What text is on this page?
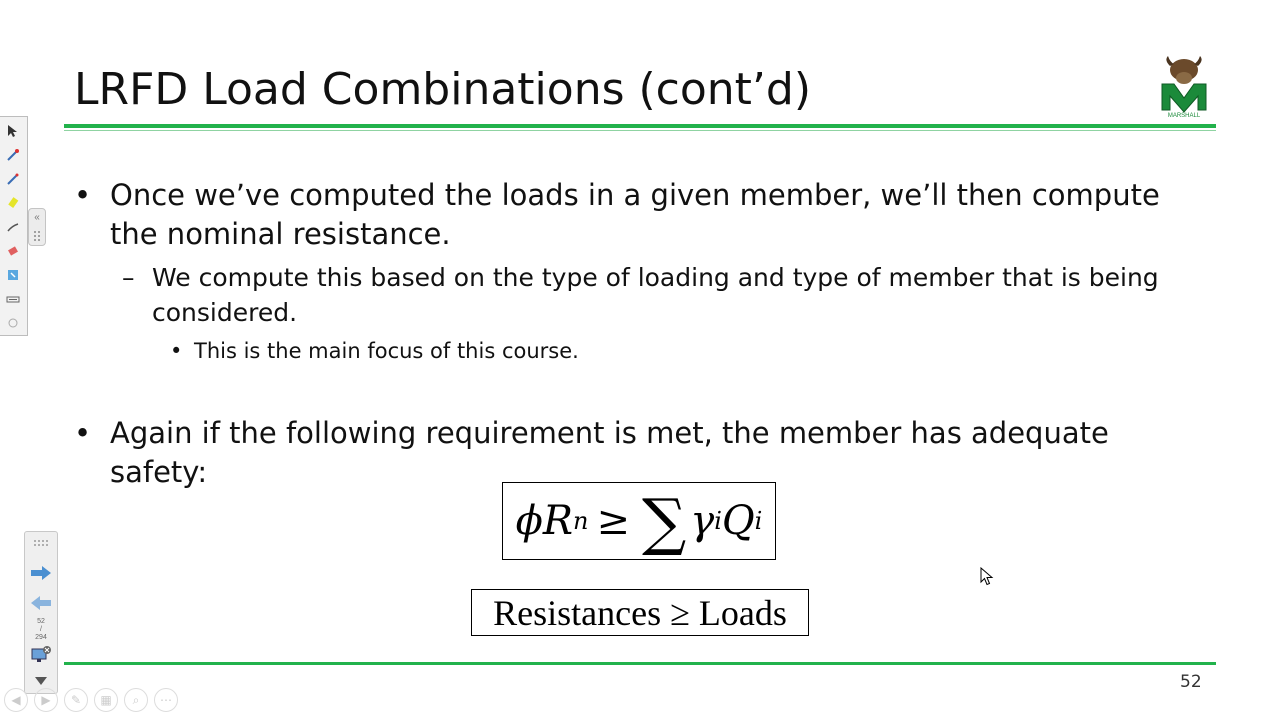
LRFD Load Combinations (cont’d)
MARSHALL
• Once we’ve computed the loads in a given member, we’ll then compute the nominal resistance.
– We compute this based on the type of loading and type of member that is being considered.
• This is the main focus of this course.
• Again if the following requirement is met, the member has adequate safety:
ϕ R n ≥ ∑ γ i Q i
Resistances ≥ Loads
52
«
52
/
294
◀	▶	✎	▦	⌕	⋯
